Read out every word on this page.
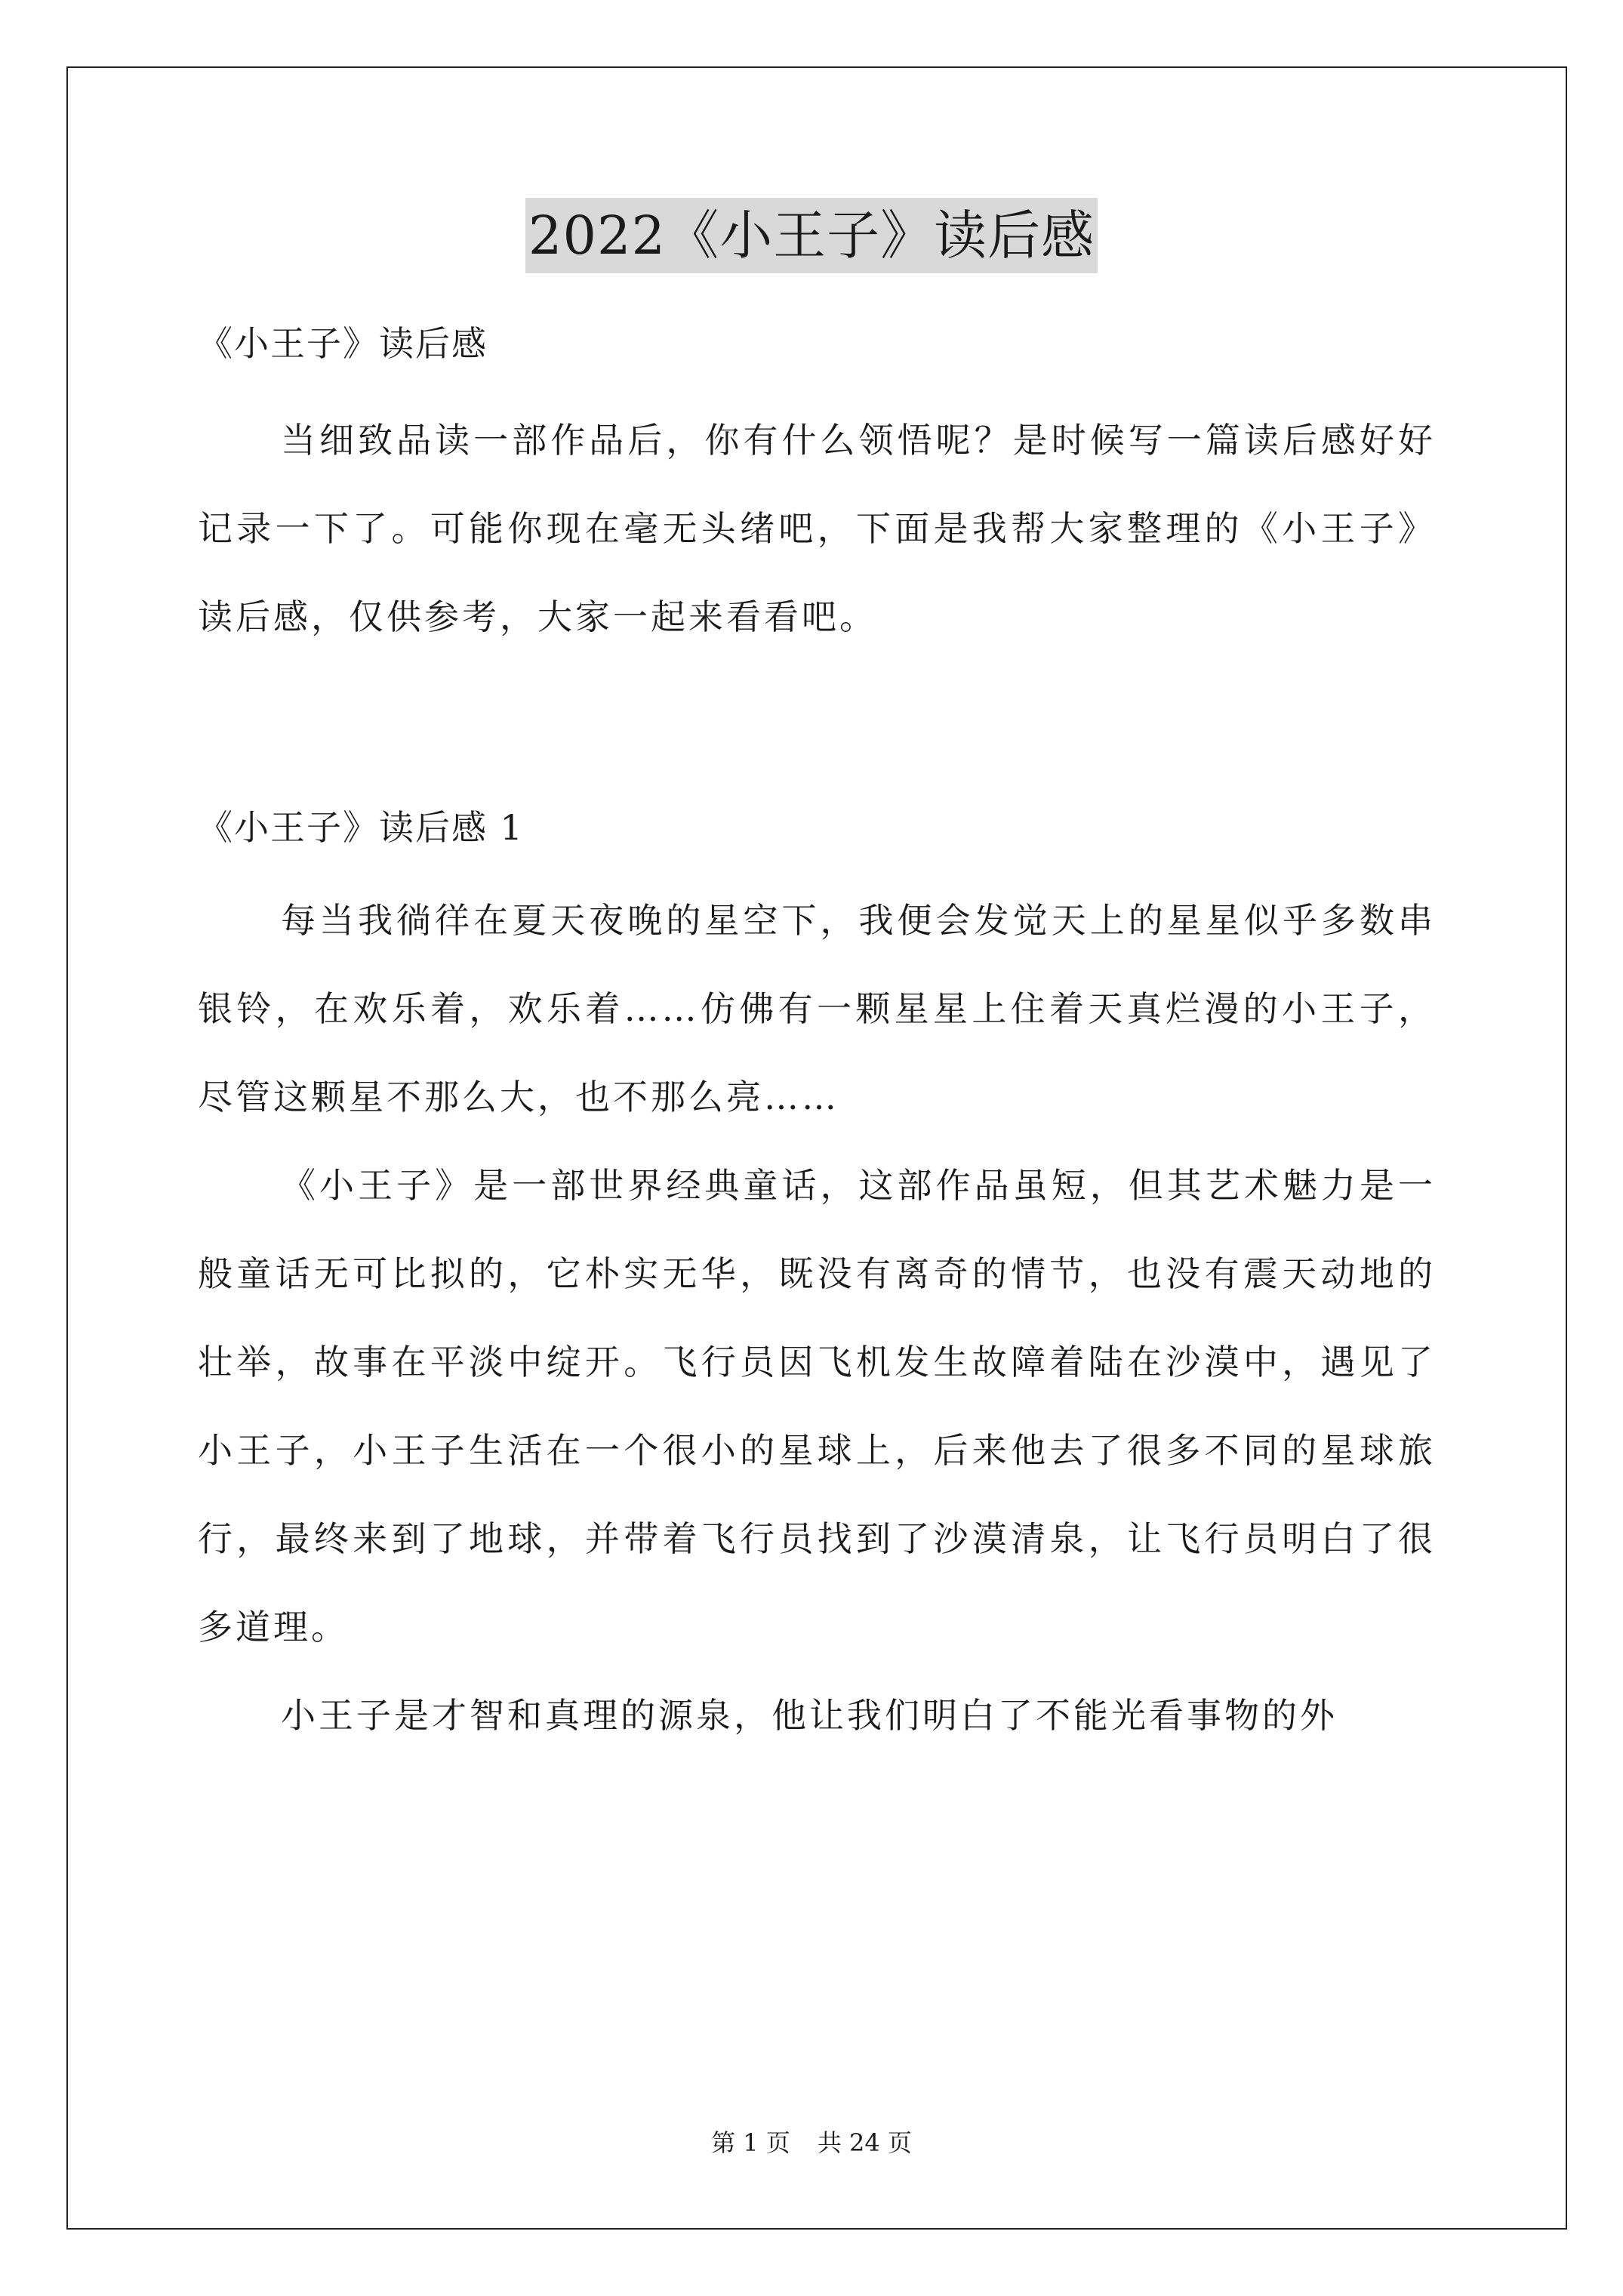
2022《小王子》读后感

《小王子》读后感

当细致品读一部作品后，你有什么领悟呢？是时候写一篇读后感好好记录一下了。可能你现在毫无头绪吧，下面是我帮大家整理的《小王子》读后感，仅供参考，大家一起来看看吧。

《小王子》读后感 1

每当我徜徉在夏天夜晚的星空下，我便会发觉天上的星星似乎多数串银铃，在欢乐着，欢乐着……仿佛有一颗星星上住着天真烂漫的小王子，尽管这颗星不那么大，也不那么亮……

《小王子》是一部世界经典童话，这部作品虽短，但其艺术魅力是一般童话无可比拟的，它朴实无华，既没有离奇的情节，也没有震天动地的壮举，故事在平淡中绽开。飞行员因飞机发生故障着陆在沙漠中，遇见了小王子，小王子生活在一个很小的星球上，后来他去了很多不同的星球旅行，最终来到了地球，并带着飞行员找到了沙漠清泉，让飞行员明白了很多道理。

小王子是才智和真理的源泉，他让我们明白了不能光看事物的外

第 1 页 共 24 页
